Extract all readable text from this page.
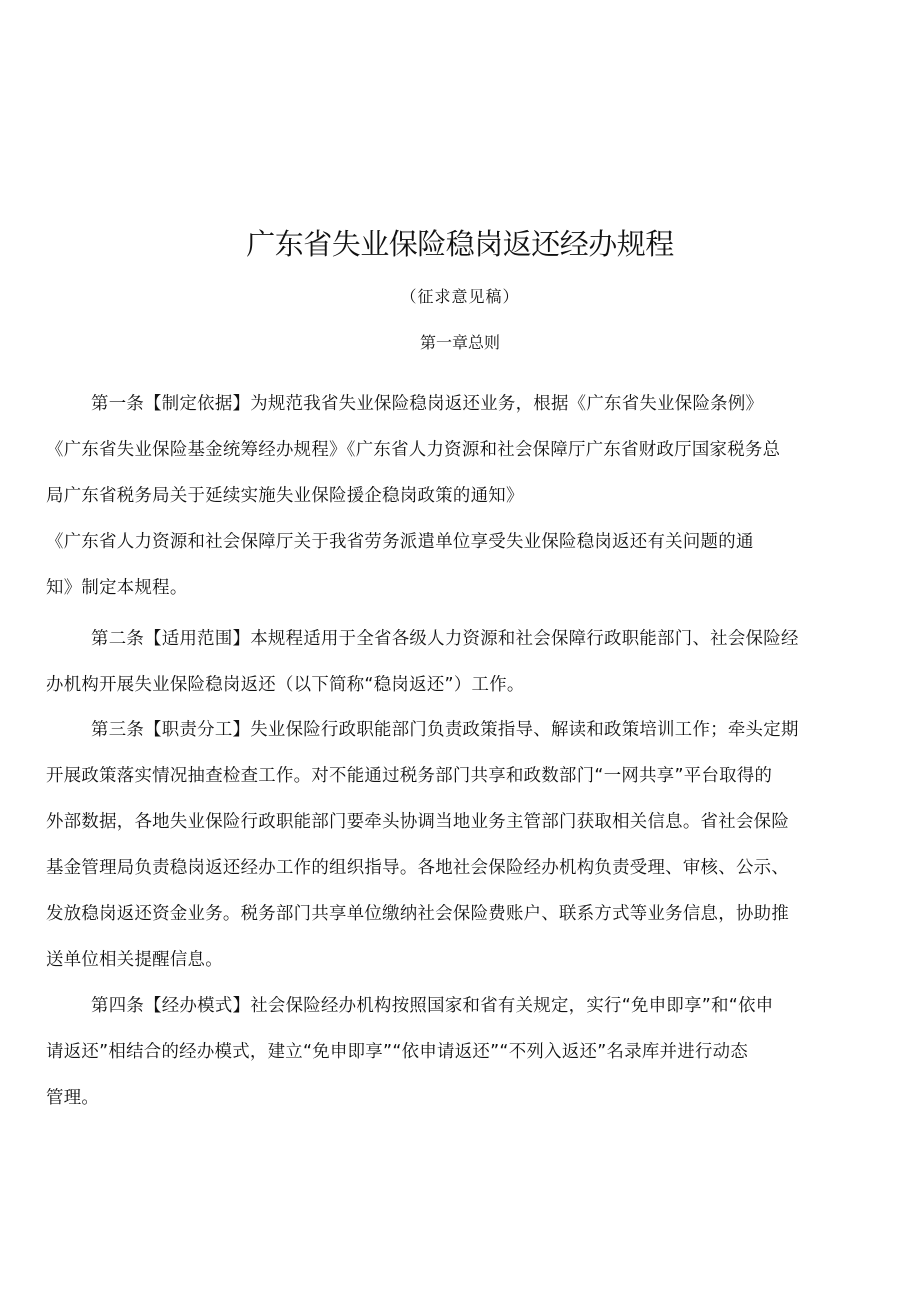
广东省失业保险稳岗返还经办规程
（征求意见稿）
第一章总则
第一条【制定依据】为规范我省失业保险稳岗返还业务，根据《广东省失业保险条例》
《广东省失业保险基金统筹经办规程》《广东省人力资源和社会保障厅广东省财政厅国家税务总
局广东省税务局关于延续实施失业保险援企稳岗政策的通知》
《广东省人力资源和社会保障厅关于我省劳务派遣单位享受失业保险稳岗返还有关问题的通
知》制定本规程。
第二条【适用范围】本规程适用于全省各级人力资源和社会保障行政职能部门、社会保险经
办机构开展失业保险稳岗返还（以下简称“稳岗返还”）工作。
第三条【职责分工】失业保险行政职能部门负责政策指导、解读和政策培训工作；牵头定期
开展政策落实情况抽查检查工作。对不能通过税务部门共享和政数部门“一网共享”平台取得的
外部数据，各地失业保险行政职能部门要牵头协调当地业务主管部门获取相关信息。省社会保险
基金管理局负责稳岗返还经办工作的组织指导。各地社会保险经办机构负责受理、审核、公示、
发放稳岗返还资金业务。税务部门共享单位缴纳社会保险费账户、联系方式等业务信息，协助推
送单位相关提醒信息。
第四条【经办模式】社会保险经办机构按照国家和省有关规定，实行“免申即享”和“依申
请返还”相结合的经办模式，建立“免申即享”“依申请返还”“不列入返还”名录库并进行动态
管理。
